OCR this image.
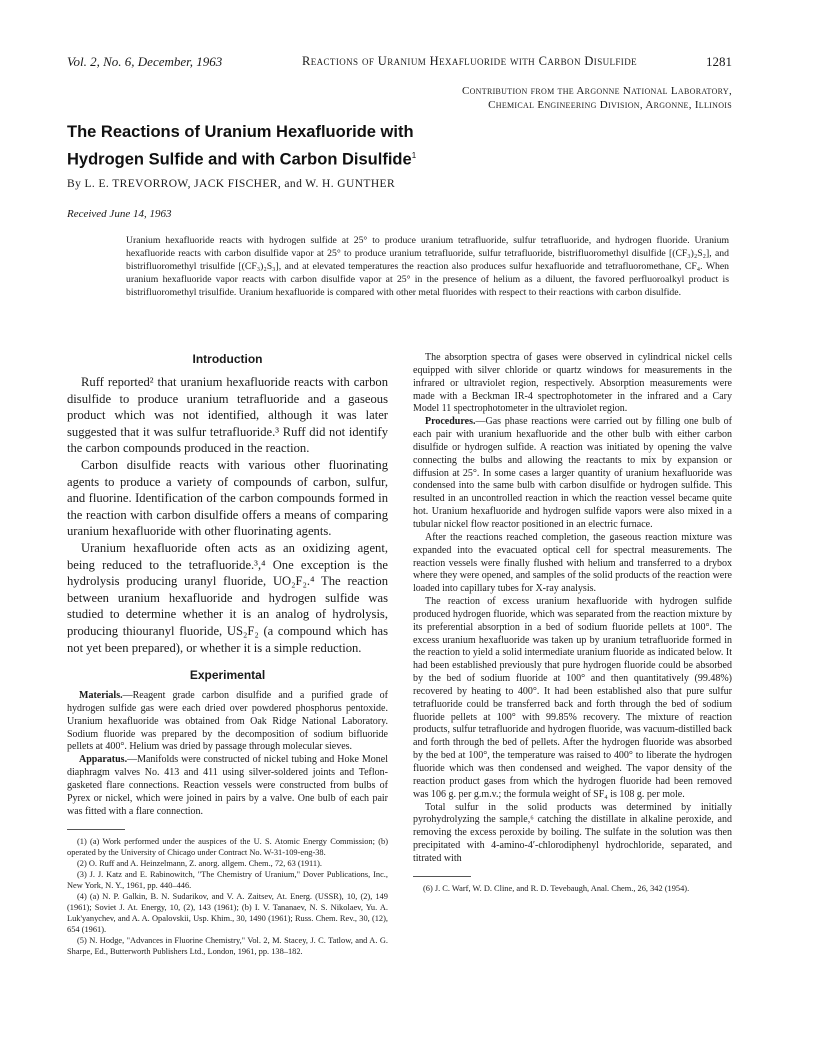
Vol. 2, No. 6, December, 1963	Reactions of Uranium Hexafluoride with Carbon Disulfide	1281
Contribution from the Argonne National Laboratory,
Chemical Engineering Division, Argonne, Illinois
The Reactions of Uranium Hexafluoride with
Hydrogen Sulfide and with Carbon Disulfide$^1$
By L. E. TREVORROW, JACK FISCHER, and W. H. GUNTHER
Received June 14, 1963
Uranium hexafluoride reacts with hydrogen sulfide at 25° to produce uranium tetrafluoride, sulfur tetrafluoride, and hydrogen fluoride. Uranium hexafluoride reacts with carbon disulfide vapor at 25° to produce uranium tetrafluoride, sulfur tetrafluoride, bistrifluoromethyl disulfide [(CF₃)₂S₂], and bistrifluoromethyl trisulfide [(CF₃)₂S₃], and at elevated temperatures the reaction also produces sulfur hexafluoride and tetrafluoromethane, CF₄. When uranium hexafluoride vapor reacts with carbon disulfide vapor at 25° in the presence of helium as a diluent, the favored perfluoroalkyl product is bistrifluoromethyl trisulfide. Uranium hexafluoride is compared with other metal fluorides with respect to their reactions with carbon disulfide.
Introduction

Ruff reported² that uranium hexafluoride reacts with carbon disulfide to produce uranium tetrafluoride and a gaseous product which was not identified, although it was later suggested that it was sulfur tetrafluoride.³ Ruff did not identify the carbon compounds produced in the reaction.

Carbon disulfide reacts with various other fluorinating agents to produce a variety of compounds of carbon, sulfur, and fluorine. Identification of the carbon compounds formed in the reaction with carbon disulfide offers a means of comparing uranium hexafluoride with other fluorinating agents.

Uranium hexafluoride often acts as an oxidizing agent, being reduced to the tetrafluoride.³,⁴ One exception is the hydrolysis producing uranyl fluoride, UO₂F₂.⁴ The reaction between uranium hexafluoride and hydrogen sulfide was studied to determine whether it is an analog of hydrolysis, producing thiouranyl fluoride, US₂F₂ (a compound which has not yet been prepared), or whether it is a simple reduction.

Experimental

Materials.—Reagent grade carbon disulfide and a purified grade of hydrogen sulfide gas were each dried over powdered phosphorus pentoxide. Uranium hexafluoride was obtained from Oak Ridge National Laboratory. Sodium fluoride was prepared by the decomposition of sodium bifluoride pellets at 400°. Helium was dried by passage through molecular sieves.

Apparatus.—Manifolds were constructed of nickel tubing and Hoke Monel diaphragm valves No. 413 and 411 using silver-soldered joints and Teflon-gasketed flare connections. Reaction vessels were constructed from bulbs of Pyrex or nickel, which were joined in pairs by a valve. One bulb of each pair was fitted with a flare connection.

(1) (a) Work performed under the auspices of the U. S. Atomic Energy Commission; (b) operated by the University of Chicago under Contract No. W-31-109-eng-38.

(2) O. Ruff and A. Heinzelmann, Z. anorg. allgem. Chem., 72, 63 (1911).

(3) J. J. Katz and E. Rabinowitch, "The Chemistry of Uranium," Dover Publications, Inc., New York, N. Y., 1961, pp. 440–446.

(4) (a) N. P. Galkin, B. N. Sudarikov, and V. A. Zaitsev, At. Energ. (USSR), 10, (2), 149 (1961); Soviet J. At. Energy, 10, (2), 143 (1961); (b) I. V. Tananaev, N. S. Nikolaev, Yu. A. Luk'yanychev, and A. A. Opalovskii, Usp. Khim., 30, 1490 (1961); Russ. Chem. Rev., 30, (12), 654 (1961).

(5) N. Hodge, "Advances in Fluorine Chemistry," Vol. 2, M. Stacey, J. C. Tatlow, and A. G. Sharpe, Ed., Butterworth Publishers Ltd., London, 1961, pp. 138–182.

The absorption spectra of gases were observed in cylindrical nickel cells equipped with silver chloride or quartz windows for measurements in the infrared or ultraviolet region, respectively. Absorption measurements were made with a Beckman IR-4 spectrophotometer in the infrared and a Cary Model 11 spectrophotometer in the ultraviolet region.

Procedures.—Gas phase reactions were carried out by filling one bulb of each pair with uranium hexafluoride and the other bulb with either carbon disulfide or hydrogen sulfide. A reaction was initiated by opening the valve connecting the bulbs and allowing the reactants to mix by expansion or diffusion at 25°. In some cases a larger quantity of uranium hexafluoride was condensed into the same bulb with carbon disulfide or hydrogen sulfide. This resulted in an uncontrolled reaction in which the reaction vessel became quite hot. Uranium hexafluoride and hydrogen sulfide vapors were also mixed in a tubular nickel flow reactor positioned in an electric furnace.

After the reactions reached completion, the gaseous reaction mixture was expanded into the evacuated optical cell for spectral measurements. The reaction vessels were finally flushed with helium and transferred to a drybox where they were opened, and samples of the solid products of the reaction were loaded into capillary tubes for X-ray analysis.

The reaction of excess uranium hexafluoride with hydrogen sulfide produced hydrogen fluoride, which was separated from the reaction mixture by its preferential absorption in a bed of sodium fluoride pellets at 100°. The excess uranium hexafluoride was taken up by uranium tetrafluoride formed in the reaction to yield a solid intermediate uranium fluoride as indicated below. It had been established previously that pure hydrogen fluoride could be absorbed by the bed of sodium fluoride at 100° and then quantitatively (99.48%) recovered by heating to 400°. It had been established also that pure sulfur tetrafluoride could be transferred back and forth through the bed of sodium fluoride pellets at 100° with 99.85% recovery. The mixture of reaction products, sulfur tetrafluoride and hydrogen fluoride, was vacuum-distilled back and forth through the bed of pellets. After the hydrogen fluoride was absorbed by the bed at 100°, the temperature was raised to 400° to liberate the hydrogen fluoride which was then condensed and weighed. The vapor density of the reaction product gases from which the hydrogen fluoride had been removed was 106 g. per g.m.v.; the formula weight of SF₄ is 108 g. per mole.

Total sulfur in the solid products was determined by initially pyrohydrolyzing the sample,⁶ catching the distillate in alkaline peroxide, and removing the excess peroxide by boiling. The sulfate in the solution was then precipitated with 4-amino-4′-chlorodiphenyl hydrochloride, separated, and titrated with

(6) J. C. Warf, W. D. Cline, and R. D. Tevebaugh, Anal. Chem., 26, 342 (1954).
